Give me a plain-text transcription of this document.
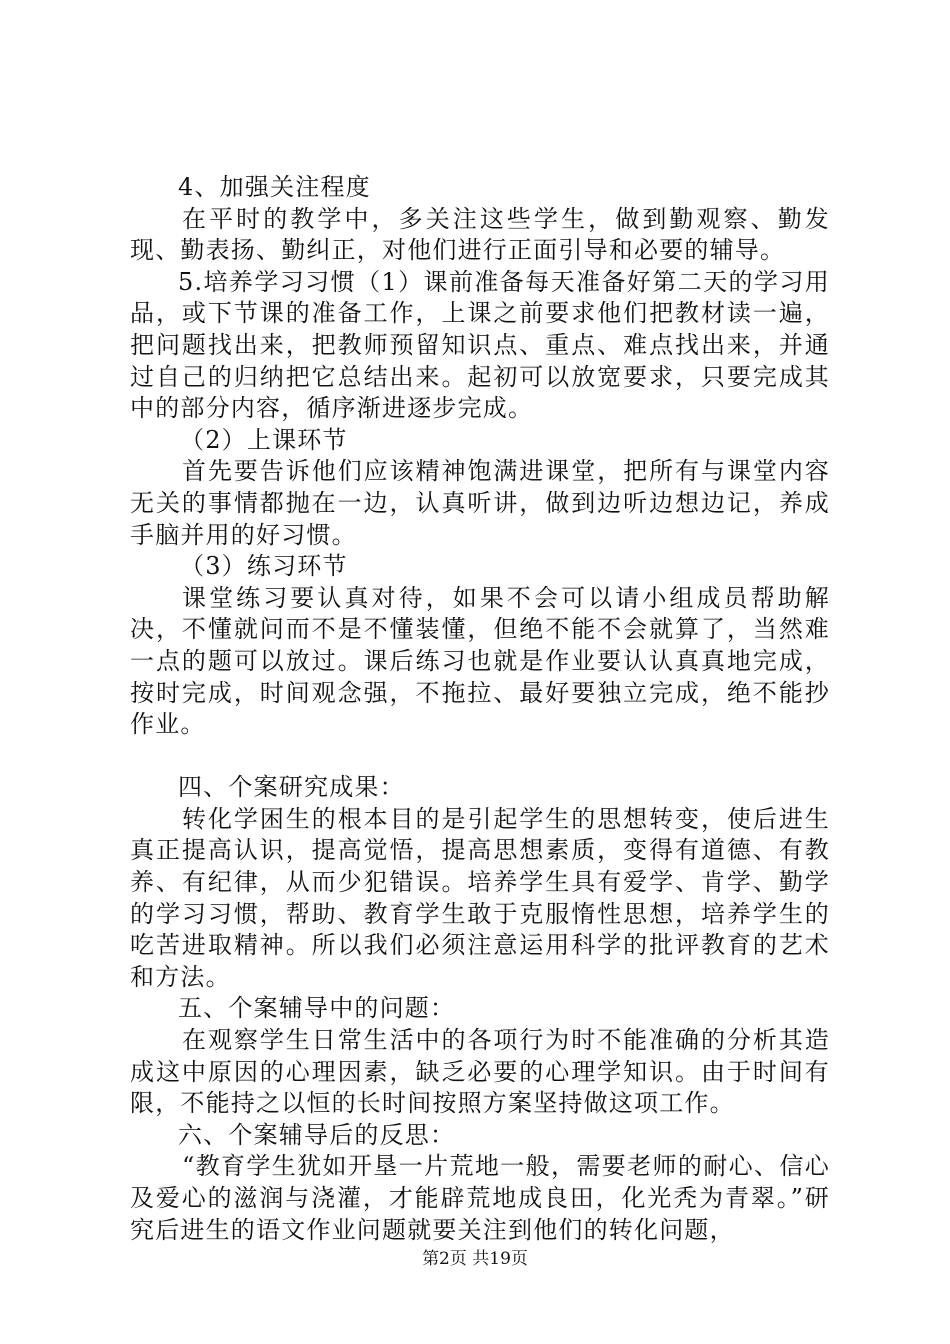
4、加强关注程度

在平时的教学中，多关注这些学生，做到勤观察、勤发现、勤表扬、勤纠正，对他们进行正面引导和必要的辅导。

5.培养学习习惯（1）课前准备每天准备好第二天的学习用品，或下节课的准备工作，上课之前要求他们把教材读一遍，把问题找出来，把教师预留知识点、重点、难点找出来，并通过自己的归纳把它总结出来。起初可以放宽要求，只要完成其中的部分内容，循序渐进逐步完成。

（2）上课环节

首先要告诉他们应该精神饱满进课堂，把所有与课堂内容无关的事情都抛在一边，认真听讲，做到边听边想边记，养成手脑并用的好习惯。

（3）练习环节

课堂练习要认真对待，如果不会可以请小组成员帮助解决，不懂就问而不是不懂装懂，但绝不能不会就算了，当然难一点的题可以放过。课后练习也就是作业要认认真真地完成，按时完成，时间观念强，不拖拉、最好要独立完成，绝不能抄作业。

四、个案研究成果：

转化学困生的根本目的是引起学生的思想转变，使后进生真正提高认识，提高觉悟，提高思想素质，变得有道德、有教养、有纪律，从而少犯错误。培养学生具有爱学、肯学、勤学的学习习惯，帮助、教育学生敢于克服惰性思想，培养学生的吃苦进取精神。所以我们必须注意运用科学的批评教育的艺术和方法。

五、个案辅导中的问题：

在观察学生日常生活中的各项行为时不能准确的分析其造成这中原因的心理因素，缺乏必要的心理学知识。由于时间有限，不能持之以恒的长时间按照方案坚持做这项工作。

六、个案辅导后的反思：

“教育学生犹如开垦一片荒地一般，需要老师的耐心、信心及爱心的滋润与浇灌，才能辟荒地成良田，化光秃为青翠。”研究后进生的语文作业问题就要关注到他们的转化问题，

第2页 共19页
